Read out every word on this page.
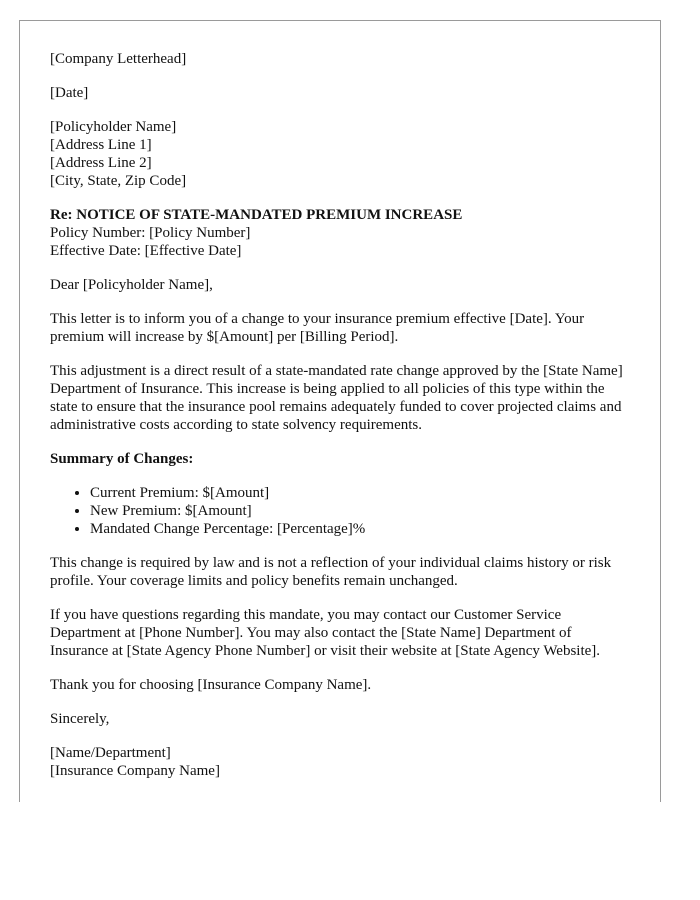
[Company Letterhead]

[Date]

[Policyholder Name]
[Address Line 1]
[Address Line 2]
[City, State, Zip Code]
Re: NOTICE OF STATE-MANDATED PREMIUM INCREASE
Policy Number: [Policy Number]
Effective Date: [Effective Date]

Dear [Policyholder Name],

This letter is to inform you of a change to your insurance premium effective [Date]. Your premium will increase by $[Amount] per [Billing Period].

This adjustment is a direct result of a state-mandated rate change approved by the [State Name] Department of Insurance. This increase is being applied to all policies of this type within the state to ensure that the insurance pool remains adequately funded to cover projected claims and administrative costs according to state solvency requirements.

Summary of Changes:

• Current Premium: $[Amount]
• New Premium: $[Amount]
• Mandated Change Percentage: [Percentage]%

This change is required by law and is not a reflection of your individual claims history or risk profile. Your coverage limits and policy benefits remain unchanged.

If you have questions regarding this mandate, you may contact our Customer Service Department at [Phone Number]. You may also contact the [State Name] Department of Insurance at [State Agency Phone Number] or visit their website at [State Agency Website].

Thank you for choosing [Insurance Company Name].

Sincerely,

[Name/Department]
[Insurance Company Name]
